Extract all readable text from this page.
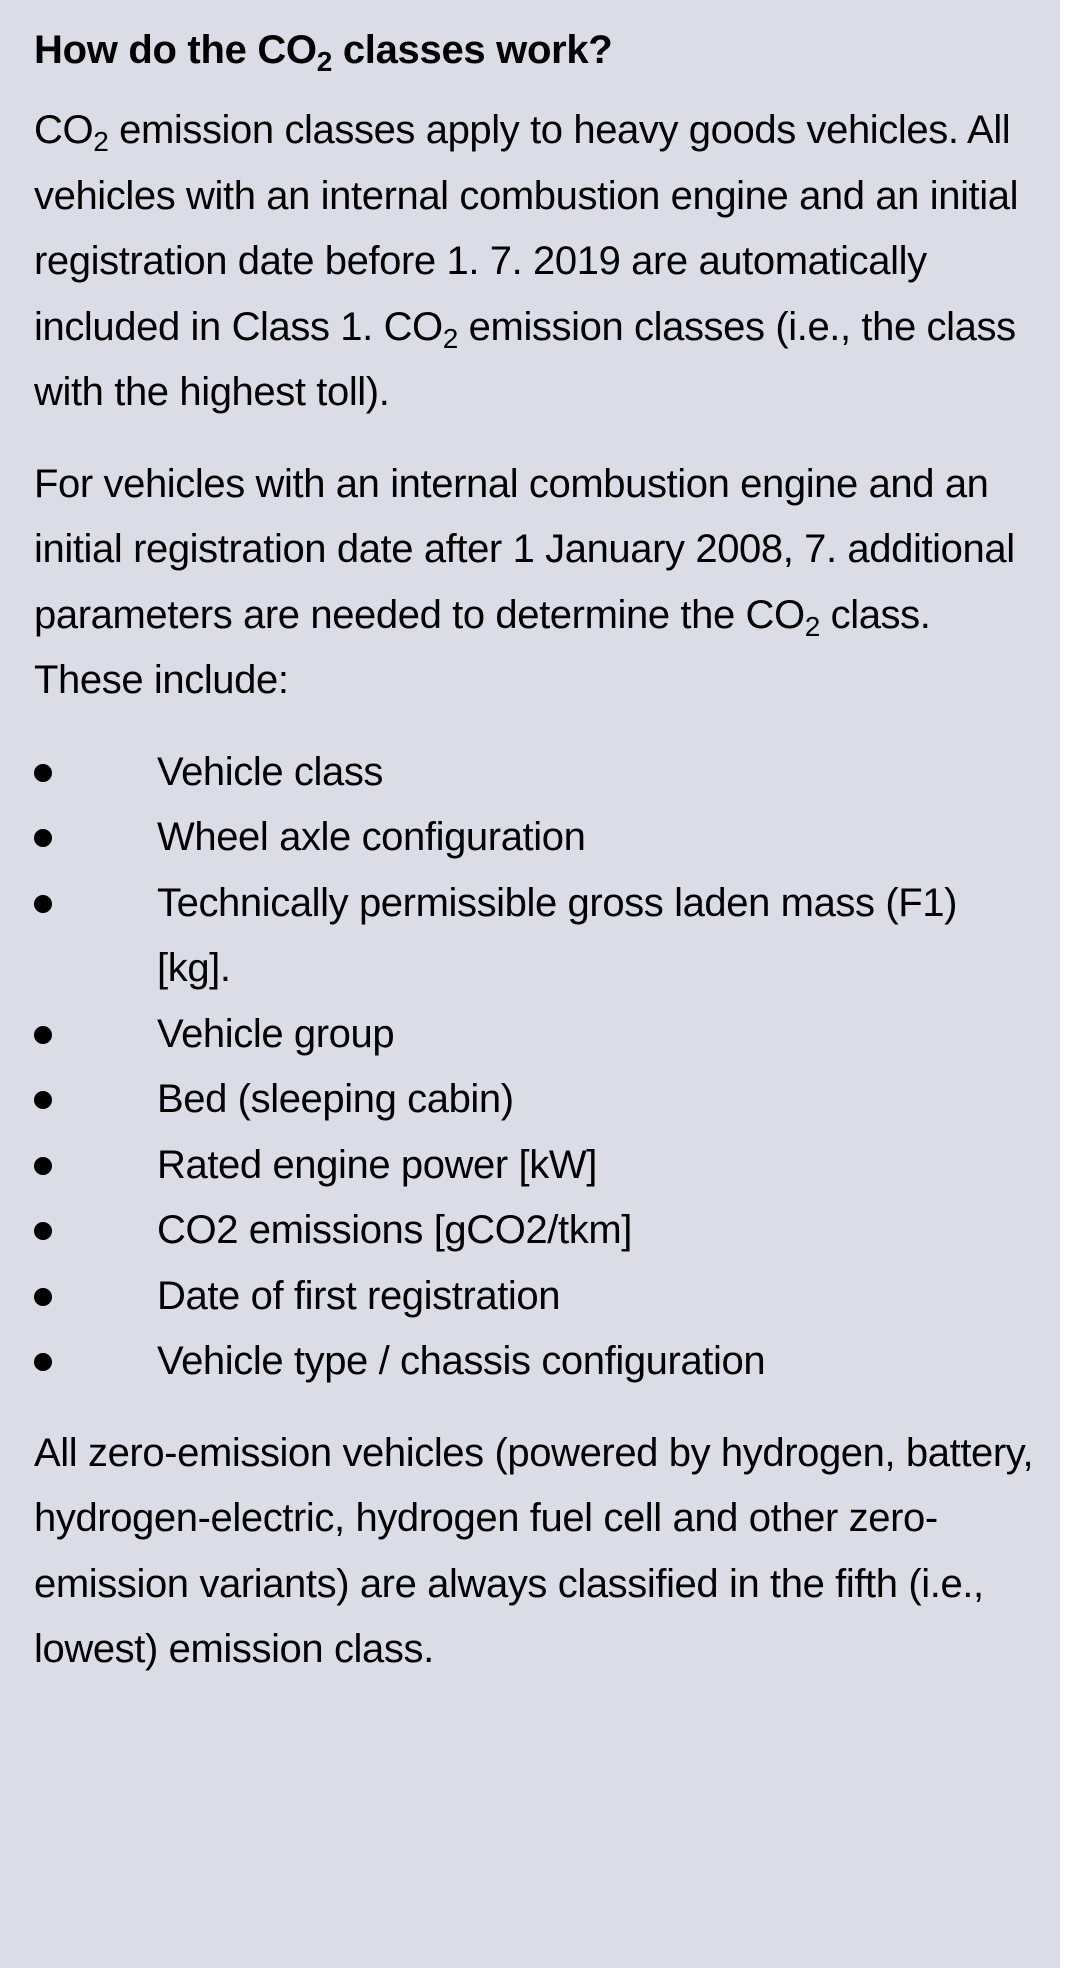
How do the $CO_2$ classes work?

$CO_2$ emission classes apply to heavy goods vehicles. All vehicles with an internal combustion engine and an initial registration date before 1. 7. 2019 are automatically included in Class 1. $CO_2$ emission classes (i.e., the class with the highest toll).

For vehicles with an internal combustion engine and an initial registration date after 1 January 2008, 7. additional parameters are needed to determine the $CO_2$ class. These include:

Vehicle class
Wheel axle configuration
Technically permissible gross laden mass (F1) [kg].
Vehicle group
Bed (sleeping cabin)
Rated engine power [kW]
CO2 emissions [gCO2/tkm]
Date of first registration
Vehicle type / chassis configuration

All zero-emission vehicles (powered by hydrogen, battery, hydrogen-electric, hydrogen fuel cell and other zero-emission variants) are always classified in the fifth (i.e., lowest) emission class.
